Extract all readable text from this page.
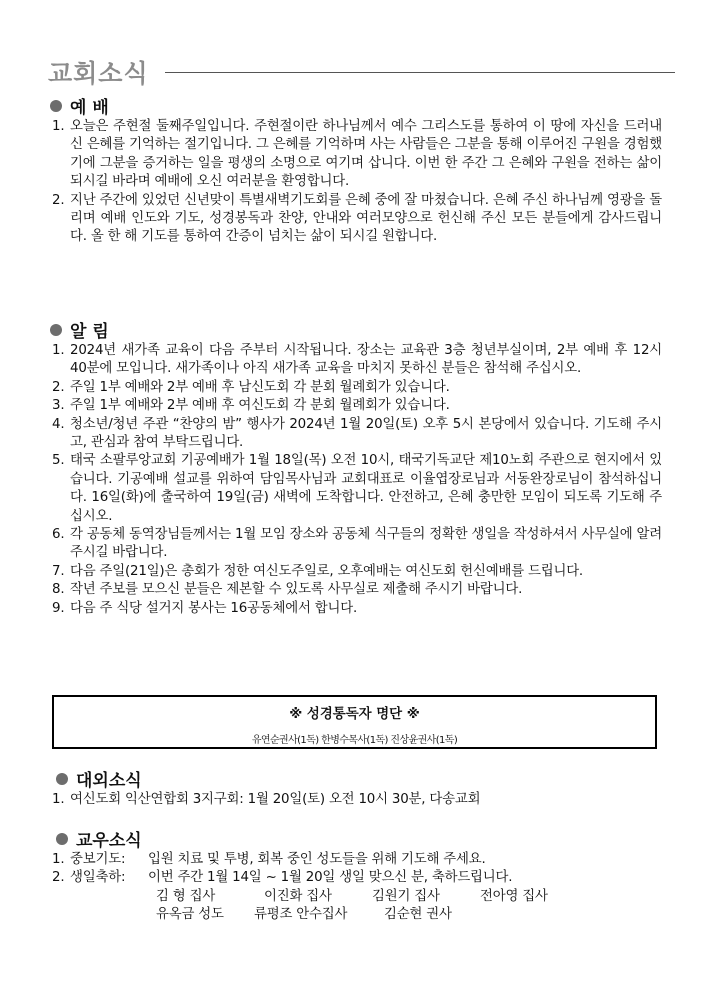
교회소식
예 배
1. 오늘은 주현절 둘째주일입니다. 주현절이란 하나님께서 예수 그리스도를 통하여 이 땅에 자신을 드러내신 은혜를 기억하는 절기입니다. 그 은혜를 기억하며 사는 사람들은 그분을 통해 이루어진 구원을 경험했기에 그분을 증거하는 일을 평생의 소명으로 여기며 삽니다. 이번 한 주간 그 은혜와 구원을 전하는 삶이 되시길 바라며 예배에 오신 여러분을 환영합니다.
2. 지난 주간에 있었던 신년맞이 특별새벽기도회를 은혜 중에 잘 마쳤습니다. 은혜 주신 하나님께 영광을 돌리며 예배 인도와 기도, 성경봉독과 찬양, 안내와 여러모양으로 헌신해 주신 모든 분들에게 감사드립니다. 올 한 해 기도를 통하여 간증이 넘치는 삶이 되시길 원합니다.
알 림
1. 2024년 새가족 교육이 다음 주부터 시작됩니다. 장소는 교육관 3층 청년부실이며, 2부 예배 후 12시 40분에 모입니다. 새가족이나 아직 새가족 교육을 마치지 못하신 분들은 참석해 주십시오.
2. 주일 1부 예배와 2부 예배 후 남신도회 각 분회 월례회가 있습니다.
3. 주일 1부 예배와 2부 예배 후 여신도회 각 분회 월례회가 있습니다.
4. 청소년/청년 주관 “찬양의 밤” 행사가 2024년 1월 20일(토) 오후 5시 본당에서 있습니다. 기도해 주시고, 관심과 참여 부탁드립니다.
5. 태국 소팔루앙교회 기공예배가 1월 18일(목) 오전 10시, 태국기독교단 제10노회 주관으로 현지에서 있습니다. 기공예배 설교를 위하여 담임목사님과 교회대표로 이율엽장로님과 서동완장로님이 참석하십니다. 16일(화)에 출국하여 19일(금) 새벽에 도착합니다. 안전하고, 은혜 충만한 모임이 되도록 기도해 주십시오.
6. 각 공동체 동역장님들께서는 1월 모임 장소와 공동체 식구들의 정확한 생일을 작성하셔서 사무실에 알려주시길 바랍니다.
7. 다음 주일(21일)은 총회가 정한 여신도주일로, 오후예배는 여신도회 헌신예배를 드립니다.
8. 작년 주보를 모으신 분들은 제본할 수 있도록 사무실로 제출해 주시기 바랍니다.
9. 다음 주 식당 설거지 봉사는 16공동체에서 합니다.
※ 성경통독자 명단 ※
유연순권사(1독) 한병수목사(1독) 진상윤권사(1독)
대외소식
1. 여신도회 익산연합회 3지구회: 1월 20일(토) 오전 10시 30분, 다송교회
교우소식
1. 중보기도:	입원 치료 및 투병, 회복 중인 성도들을 위해 기도해 주세요.
2. 생일축하:	이번 주간 1월 14일 ~ 1월 20일 생일 맞으신 분, 축하드립니다.
김 형 집사	이진화 집사	김원기 집사	전아영 집사
유옥금 성도	류평조 안수집사	김순현 권사
